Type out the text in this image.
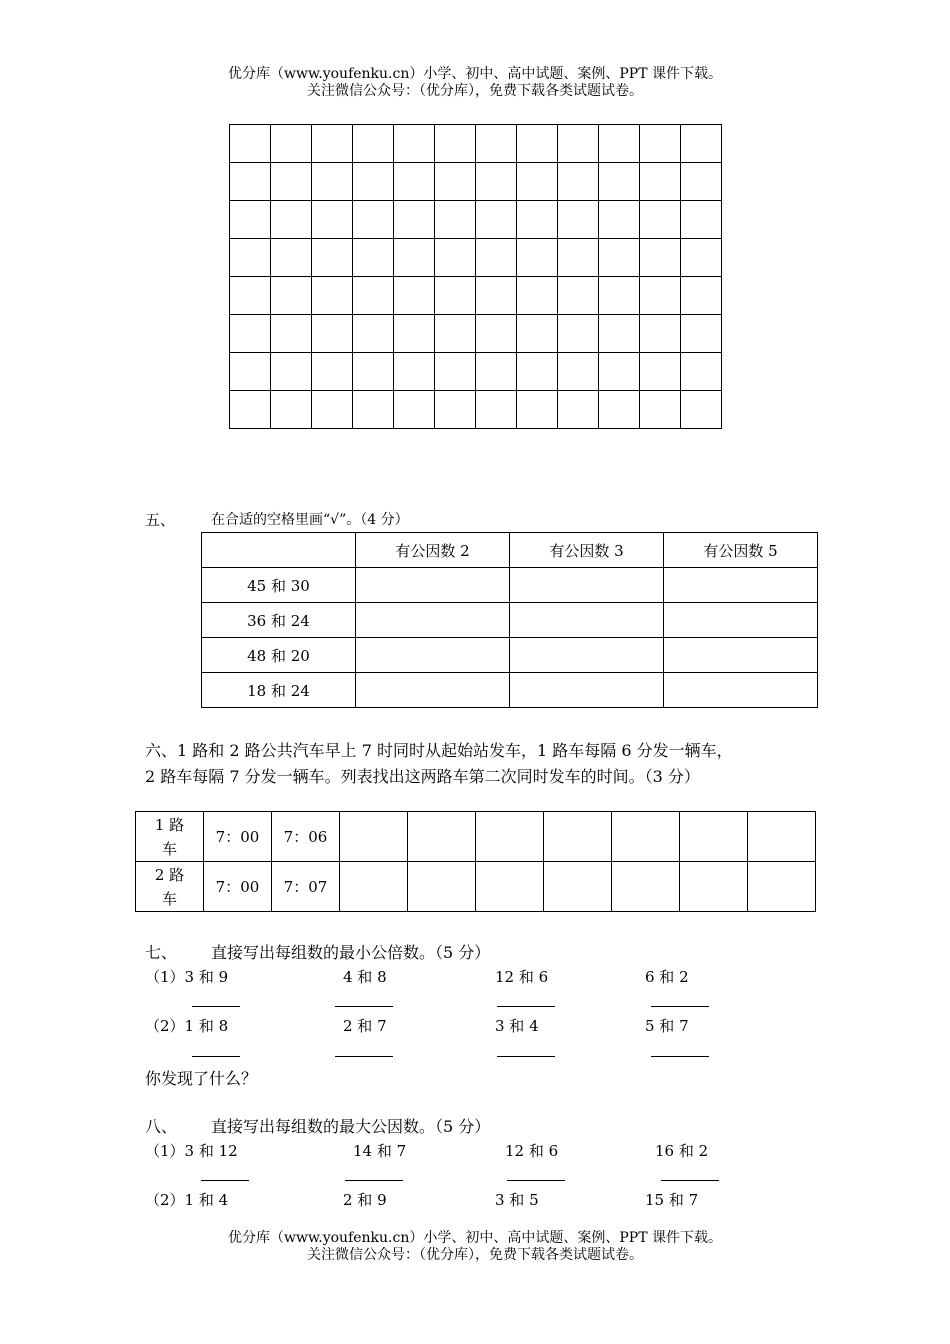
优分库（www.youfenku.cn）小学、初中、高中试题、案例、PPT 课件下载。
关注微信公众号：（优分库），免费下载各类试题试卷。

五、	在合适的空格里画“√”。（4 分）
	有公因数 2	有公因数 3	有公因数 5
45 和 30			
36 和 24			
48 和 20			
18 和 24			
六、1 路和 2 路公共汽车早上 7 时同时从起始站发车，1 路车每隔 6 分发一辆车，
2 路车每隔 7 分发一辆车。列表找出这两路车第二次同时发车的时间。（3 分）
1 路
车	7：00	7：06							
2 路
车	7：00	7：07							
七、 直接写出每组数的最小公倍数。（5 分）
（1）3 和 9	4 和 8	12 和 6	6 和 2
（2）1 和 8	2 和 7	3 和 4	5 和 7
你发现了什么？
八、 直接写出每组数的最大公因数。（5 分）
（1）3 和 12	14 和 7	12 和 6	16 和 2
（2）1 和 4	2 和 9	3 和 5	15 和 7
优分库（www.youfenku.cn）小学、初中、高中试题、案例、PPT 课件下载。
关注微信公众号：（优分库），免费下载各类试题试卷。
